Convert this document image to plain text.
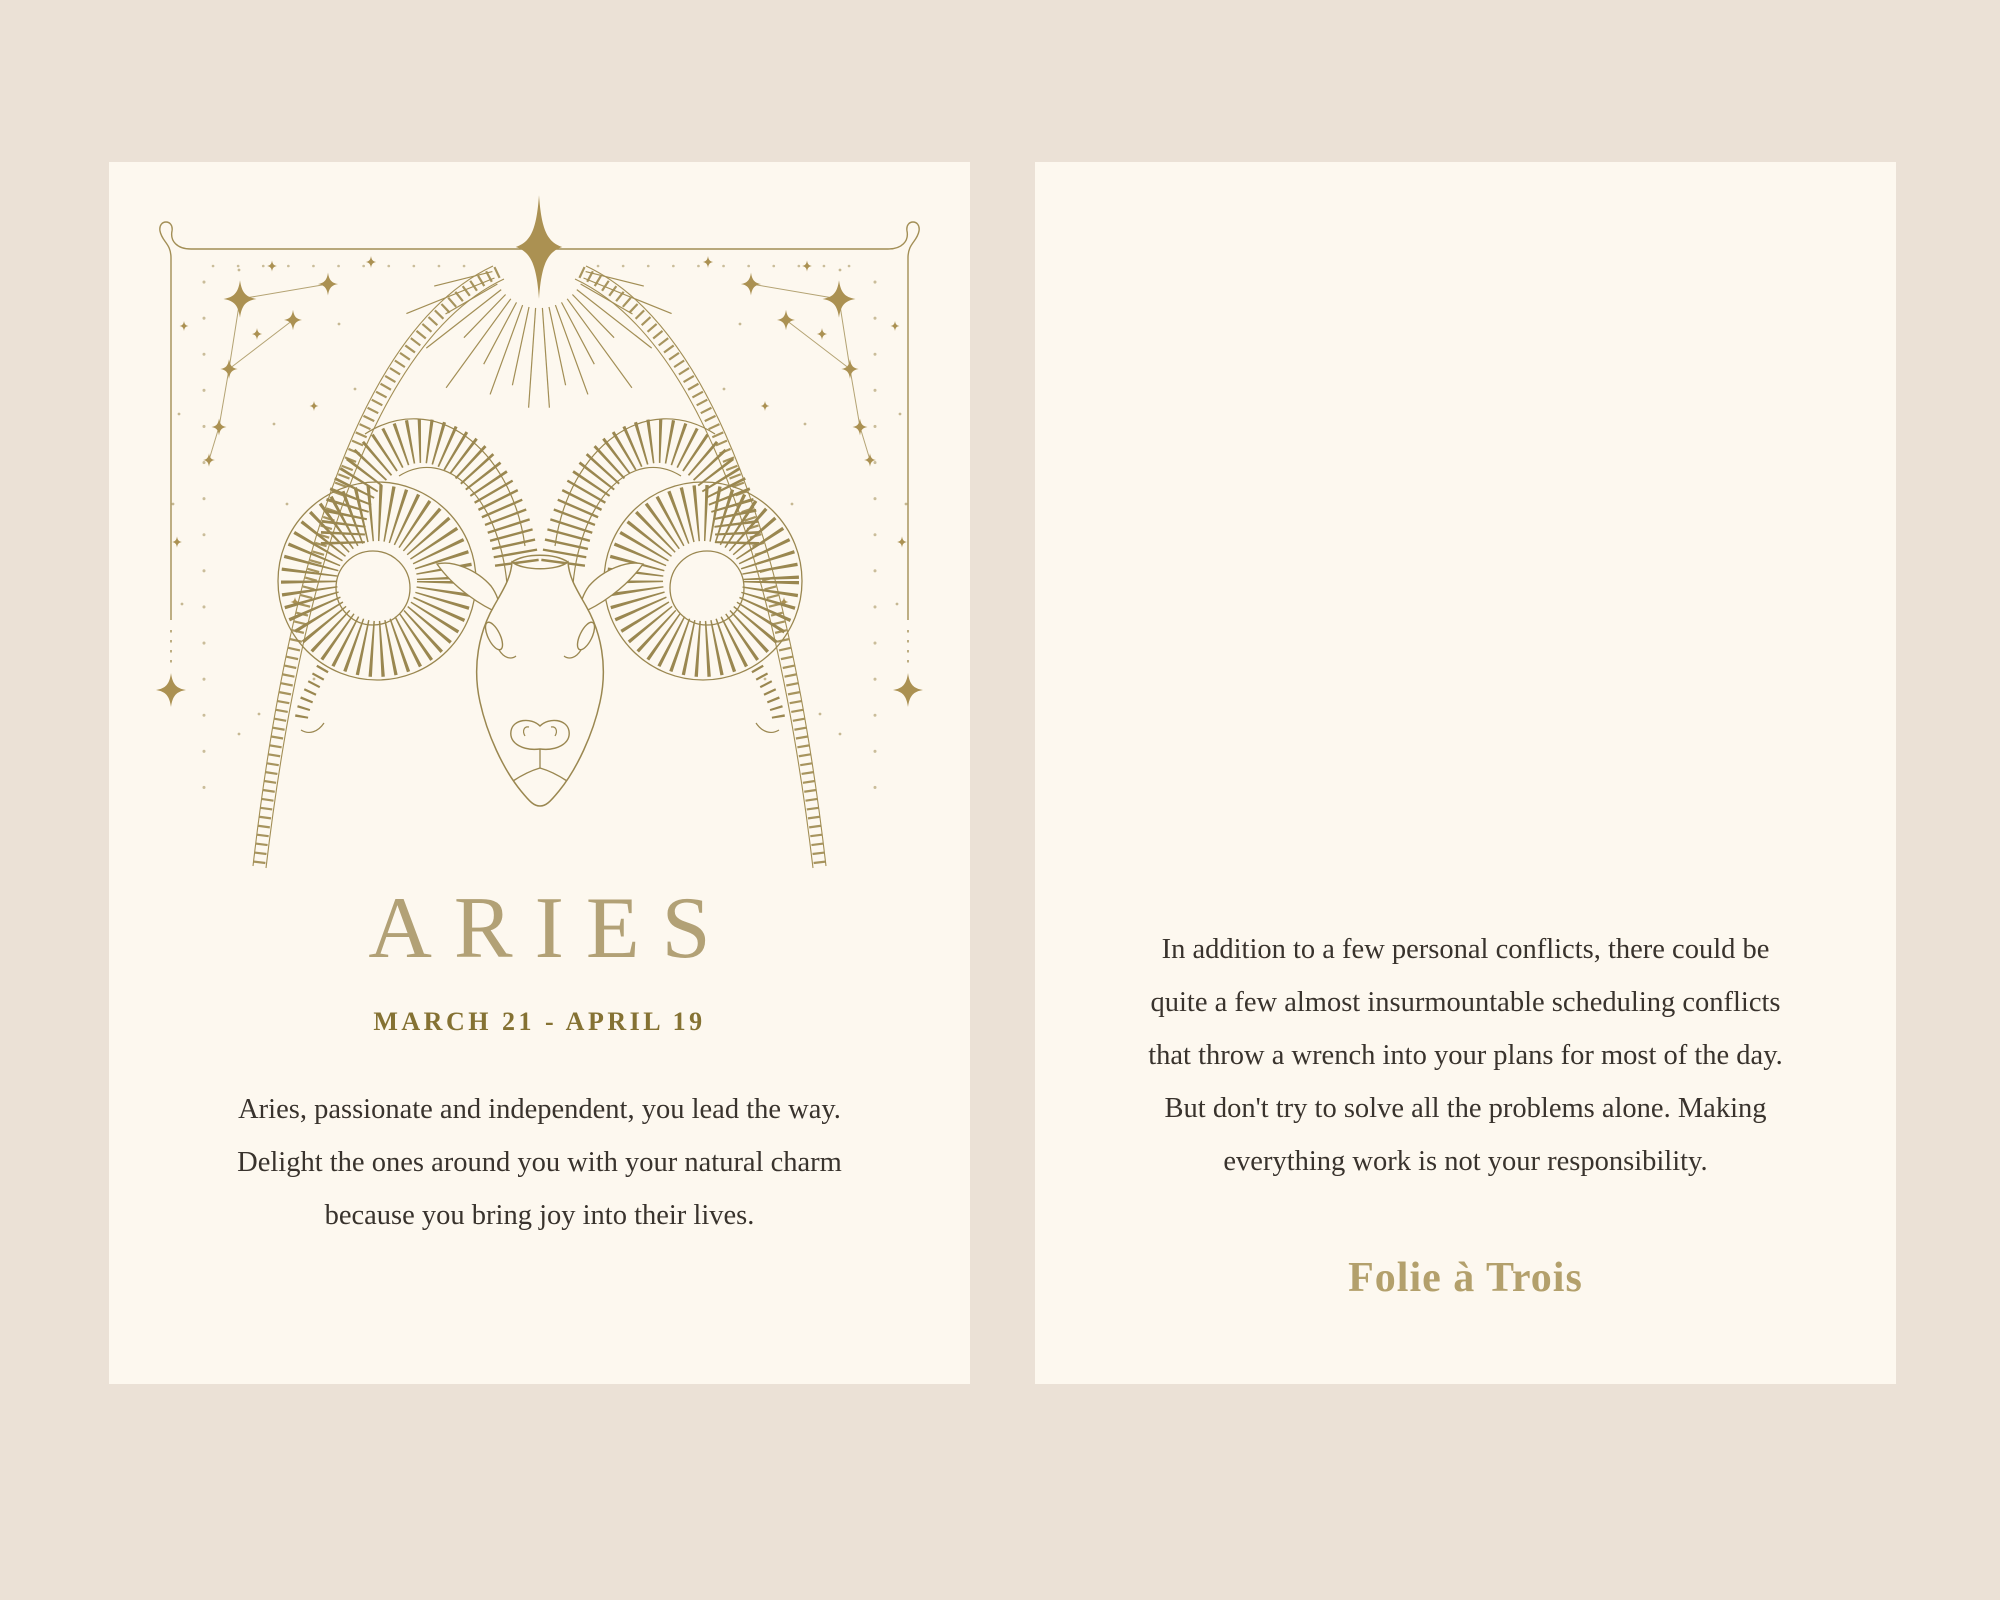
ARIES
MARCH 21 - APRIL 19
Aries, passionate and independent, you lead the way.
Delight the ones around you with your natural charm
because you bring joy into their lives.
In addition to a few personal conflicts, there could be
quite a few almost insurmountable scheduling conflicts
that throw a wrench into your plans for most of the day.
But don't try to solve all the problems alone. Making
everything work is not your responsibility.
Folie à Trois
